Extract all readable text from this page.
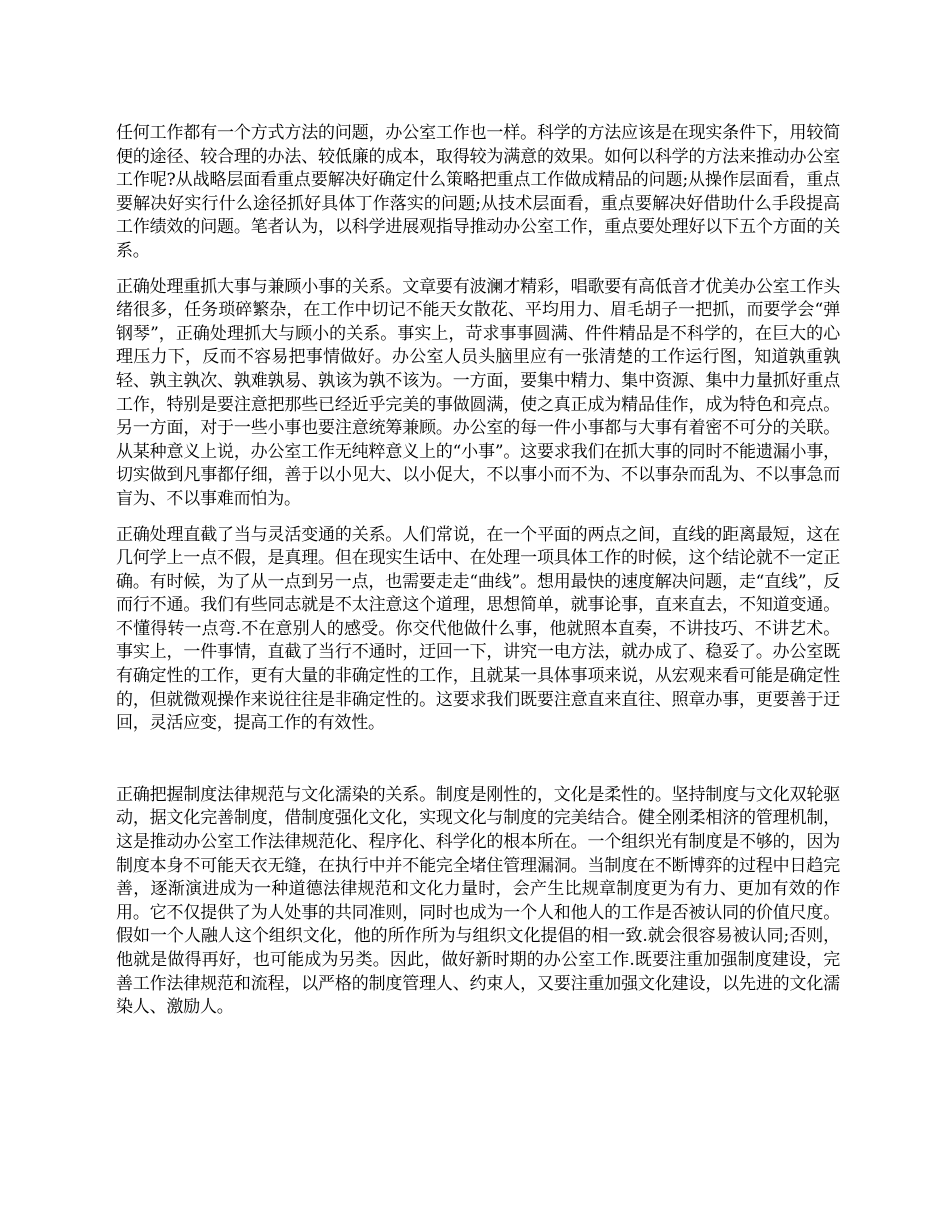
任何工作都有一个方式方法的问题，办公室工作也一样。科学的方法应该是在现实条件下，用较简便的途径、较合理的办法、较低廉的成本，取得较为满意的效果。如何以科学的方法来推动办公室工作呢?从战略层面看重点要解决好确定什么策略把重点工作做成精品的问题;从操作层面看，重点要解决好实行什么途径抓好具体丁作落实的问题;从技术层面看，重点要解决好借助什么手段提高工作绩效的问题。笔者认为，以科学进展观指导推动办公室工作，重点要处理好以下五个方面的关系。

正确处理重抓大事与兼顾小事的关系。文章要有波澜才精彩，唱歌要有高低音才优美办公室工作头绪很多，任务琐碎繁杂，在工作中切记不能天女散花、平均用力、眉毛胡子一把抓，而要学会“弹钢琴”，正确处理抓大与顾小的关系。事实上，苛求事事圆满、件件精品是不科学的，在巨大的心理压力下，反而不容易把事情做好。办公室人员头脑里应有一张清楚的工作运行图，知道孰重孰轻、孰主孰次、孰难孰易、孰该为孰不该为。一方面，要集中精力、集中资源、集中力量抓好重点工作，特别是要注意把那些已经近乎完美的事做圆满，使之真正成为精品佳作，成为特色和亮点。另一方面，对于一些小事也要注意统筹兼顾。办公室的每一件小事都与大事有着密不可分的关联。从某种意义上说，办公室工作无纯粹意义上的“小事”。这要求我们在抓大事的同时不能遗漏小事，切实做到凡事都仔细，善于以小见大、以小促大，不以事小而不为、不以事杂而乱为、不以事急而盲为、不以事难而怕为。

正确处理直截了当与灵活变通的关系。人们常说，在一个平面的两点之间，直线的距离最短，这在几何学上一点不假，是真理。但在现实生话中、在处理一项具体工作的时候，这个结论就不一定正确。有时候，为了从一点到另一点，也需要走走“曲线”。想用最快的速度解决问题，走“直线”，反而行不通。我们有些同志就是不太注意这个道理，思想简单，就事论事，直来直去，不知道变通。不懂得转一点弯.不在意别人的感受。你交代他做什么事，他就照本直奏，不讲技巧、不讲艺术。事实上，一件事情，直截了当行不通时，迂回一下，讲究一电方法，就办成了、稳妥了。办公室既有确定性的工作，更有大量的非确定性的工作，且就某一具体事项来说，从宏观来看可能是确定性的，但就微观操作来说往往是非确定性的。这要求我们既要注意直来直往、照章办事，更要善于迂回，灵活应变，提高工作的有效性。

正确把握制度法律规范与文化濡染的关系。制度是刚性的，文化是柔性的。坚持制度与文化双轮驱动，据文化完善制度，借制度强化文化，实现文化与制度的完美结合。健全刚柔相济的管理机制，这是推动办公室工作法律规范化、程序化、科学化的根本所在。一个组织光有制度是不够的，因为制度本身不可能天衣无缝，在执行中并不能完全堵住管理漏洞。当制度在不断博弈的过程中日趋完善，逐渐演进成为一种道德法律规范和文化力量时，会产生比规章制度更为有力、更加有效的作用。它不仅提供了为人处事的共同准则，同时也成为一个人和他人的工作是否被认同的价值尺度。假如一个人融人这个组织文化，他的所作所为与组织文化提倡的相一致.就会很容易被认同;否则，他就是做得再好，也可能成为另类。因此，做好新时期的办公室工作.既要注重加强制度建设，完善工作法律规范和流程，以严格的制度管理人、约束人，又要注重加强文化建设，以先进的文化濡染人、激励人。
